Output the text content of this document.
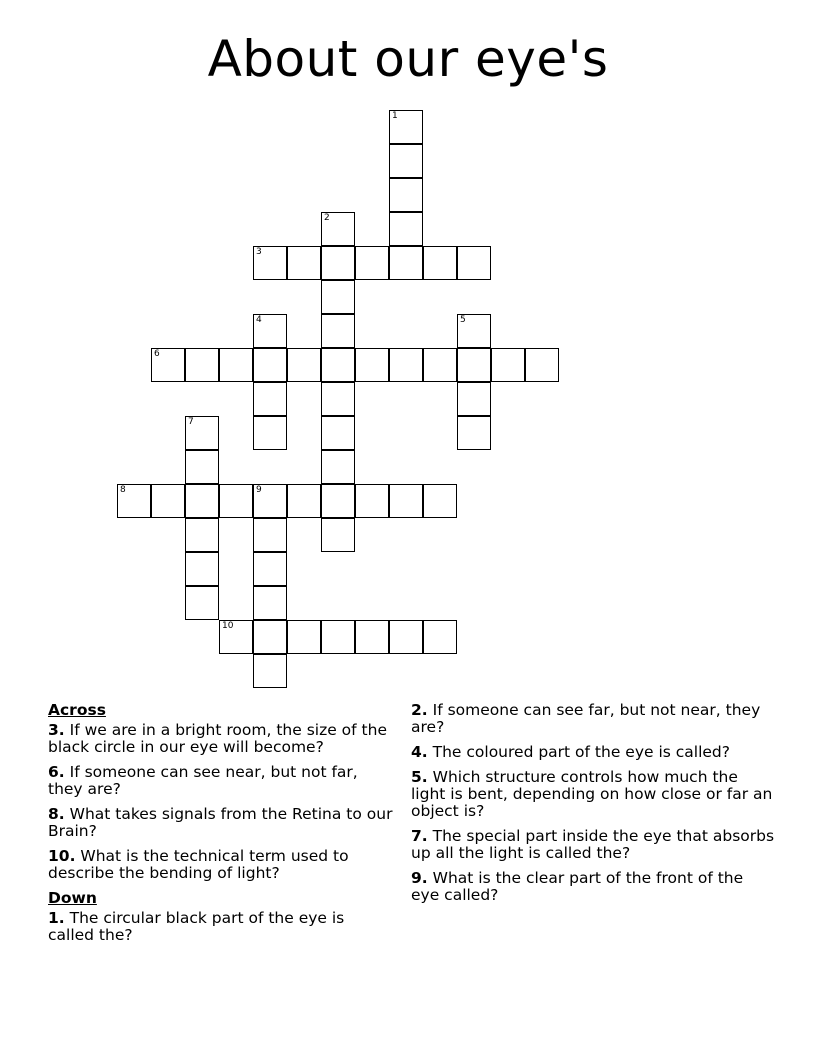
About our eye's
1
2
3
4	5
6
7
8	9
10
Across
3. If we are in a bright room, the size of the black circle in our eye will become?
6. If someone can see near, but not far, they are?
8. What takes signals from the Retina to our Brain?
10. What is the technical term used to describe the bending of light?
Down
1. The circular black part of the eye is called the?
2. If someone can see far, but not near, they are?
4. The coloured part of the eye is called?
5. Which structure controls how much the light is bent, depending on how close or far an object is?
7. The special part inside the eye that absorbs up all the light is called the?
9. What is the clear part of the front of the eye called?
